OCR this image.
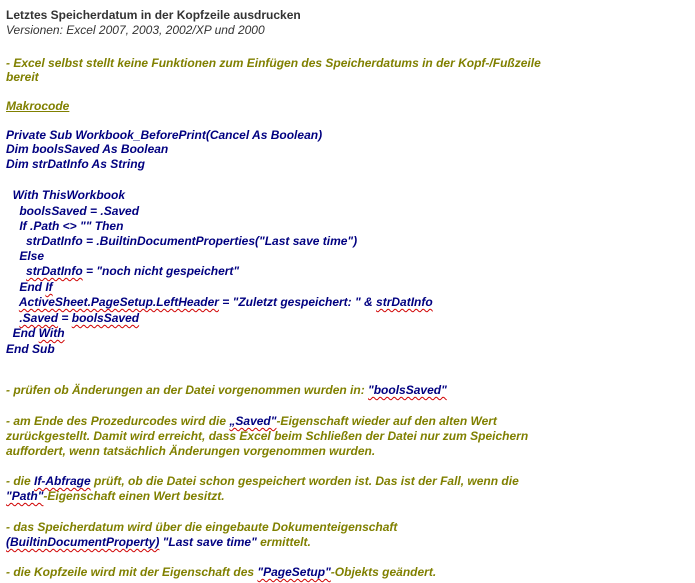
Letztes Speicherdatum in der Kopfzeile ausdrucken
Versionen: Excel 2007, 2003, 2002/XP und 2000
- Excel selbst stellt keine Funktionen zum Einfügen des Speicherdatums in der Kopf-/Fußzeile
bereit
Makrocode
Private Sub Workbook_BeforePrint(Cancel As Boolean)
Dim boolsSaved As Boolean
Dim strDatInfo As String
With ThisWorkbook
boolsSaved = .Saved
If .Path <> "" Then
strDatInfo = .BuiltinDocumentProperties("Last save time")
Else
strDatInfo = "noch nicht gespeichert"
End If
ActiveSheet.PageSetup.LeftHeader = "Zuletzt gespeichert: " & strDatInfo
.Saved = boolsSaved
End With
End Sub
- prüfen ob Änderungen an der Datei vorgenommen wurden in: "boolsSaved"
- am Ende des Prozedurcodes wird die „Saved"-Eigenschaft wieder auf den alten Wert
zurückgestellt. Damit wird erreicht, dass Excel beim Schließen der Datei nur zum Speichern
auffordert, wenn tatsächlich Änderungen vorgenommen wurden.
- die If-Abfrage prüft, ob die Datei schon gespeichert worden ist. Das ist der Fall, wenn die
"Path"-Eigenschaft einen Wert besitzt.
- das Speicherdatum wird über die eingebaute Dokumenteigenschaft
(BuiltinDocumentProperty) "Last save time" ermittelt.
- die Kopfzeile wird mit der Eigenschaft des "PageSetup"-Objekts geändert.
